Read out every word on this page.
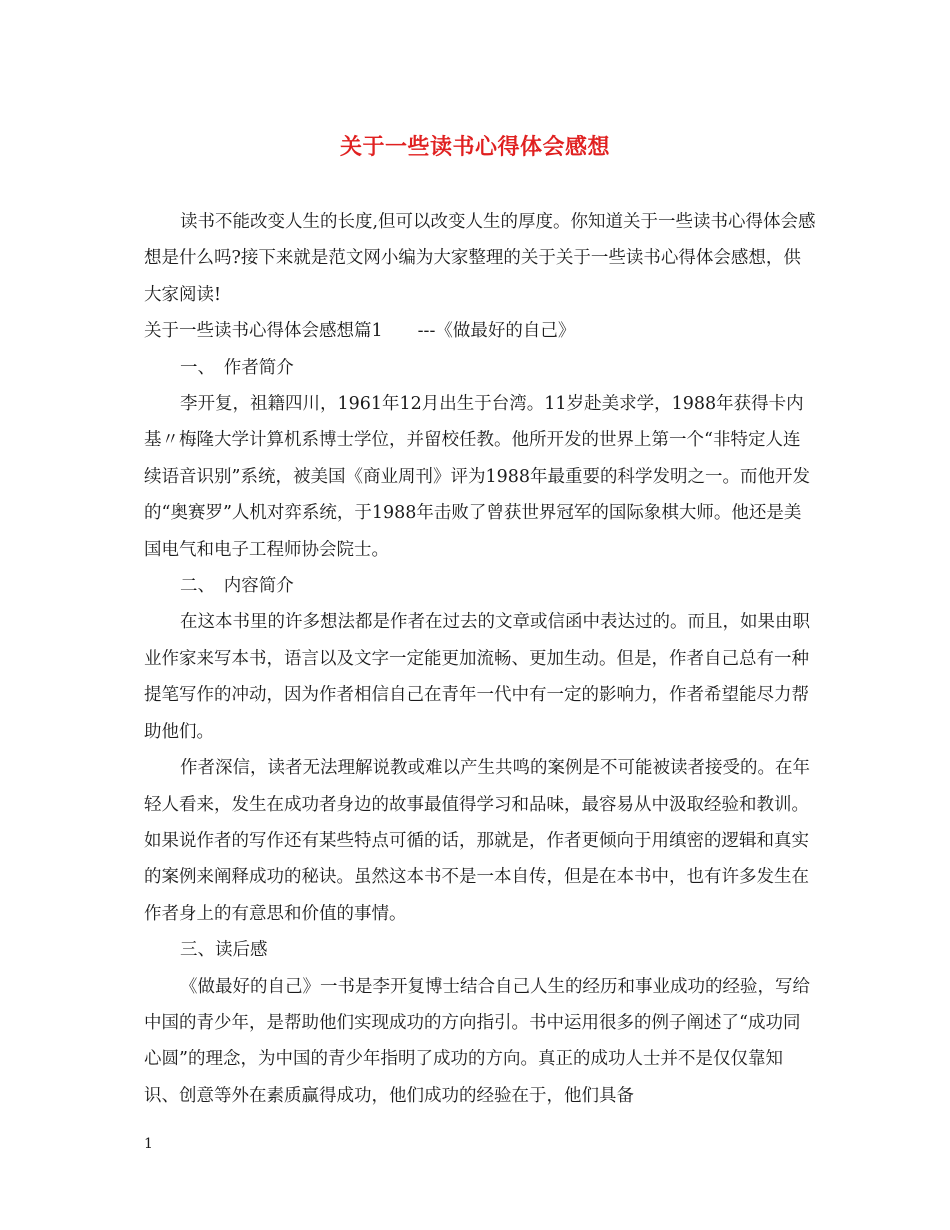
关于一些读书心得体会感想

读书不能改变人生的长度,但可以改变人生的厚度。你知道关于一些读书心得体会感想是什么吗?接下来就是范文网小编为大家整理的关于关于一些读书心得体会感想，供大家阅读!

关于一些读书心得体会感想篇1　　---《做最好的自己》

一、　作者简介

李开复，祖籍四川，1961年12月出生于台湾。11岁赴美求学，1988年获得卡内基〃梅隆大学计算机系博士学位，并留校任教。他所开发的世界上第一个“非特定人连续语音识别”系统，被美国《商业周刊》评为1988年最重要的科学发明之一。而他开发的“奥赛罗”人机对弈系统，于1988年击败了曾获世界冠军的国际象棋大师。他还是美国电气和电子工程师协会院士。

二、　内容简介

在这本书里的许多想法都是作者在过去的文章或信函中表达过的。而且，如果由职业作家来写本书，语言以及文字一定能更加流畅、更加生动。但是，作者自己总有一种提笔写作的冲动，因为作者相信自己在青年一代中有一定的影响力，作者希望能尽力帮助他们。

作者深信，读者无法理解说教或难以产生共鸣的案例是不可能被读者接受的。在年轻人看来，发生在成功者身边的故事最值得学习和品味，最容易从中汲取经验和教训。如果说作者的写作还有某些特点可循的话，那就是，作者更倾向于用缜密的逻辑和真实的案例来阐释成功的秘诀。虽然这本书不是一本自传，但是在本书中，也有许多发生在作者身上的有意思和价值的事情。

三、读后感

《做最好的自己》一书是李开复博士结合自己人生的经历和事业成功的经验，写给中国的青少年，是帮助他们实现成功的方向指引。书中运用很多的例子阐述了“成功同心圆”的理念，为中国的青少年指明了成功的方向。真正的成功人士并不是仅仅靠知识、创意等外在素质赢得成功，他们成功的经验在于，他们具备

1
